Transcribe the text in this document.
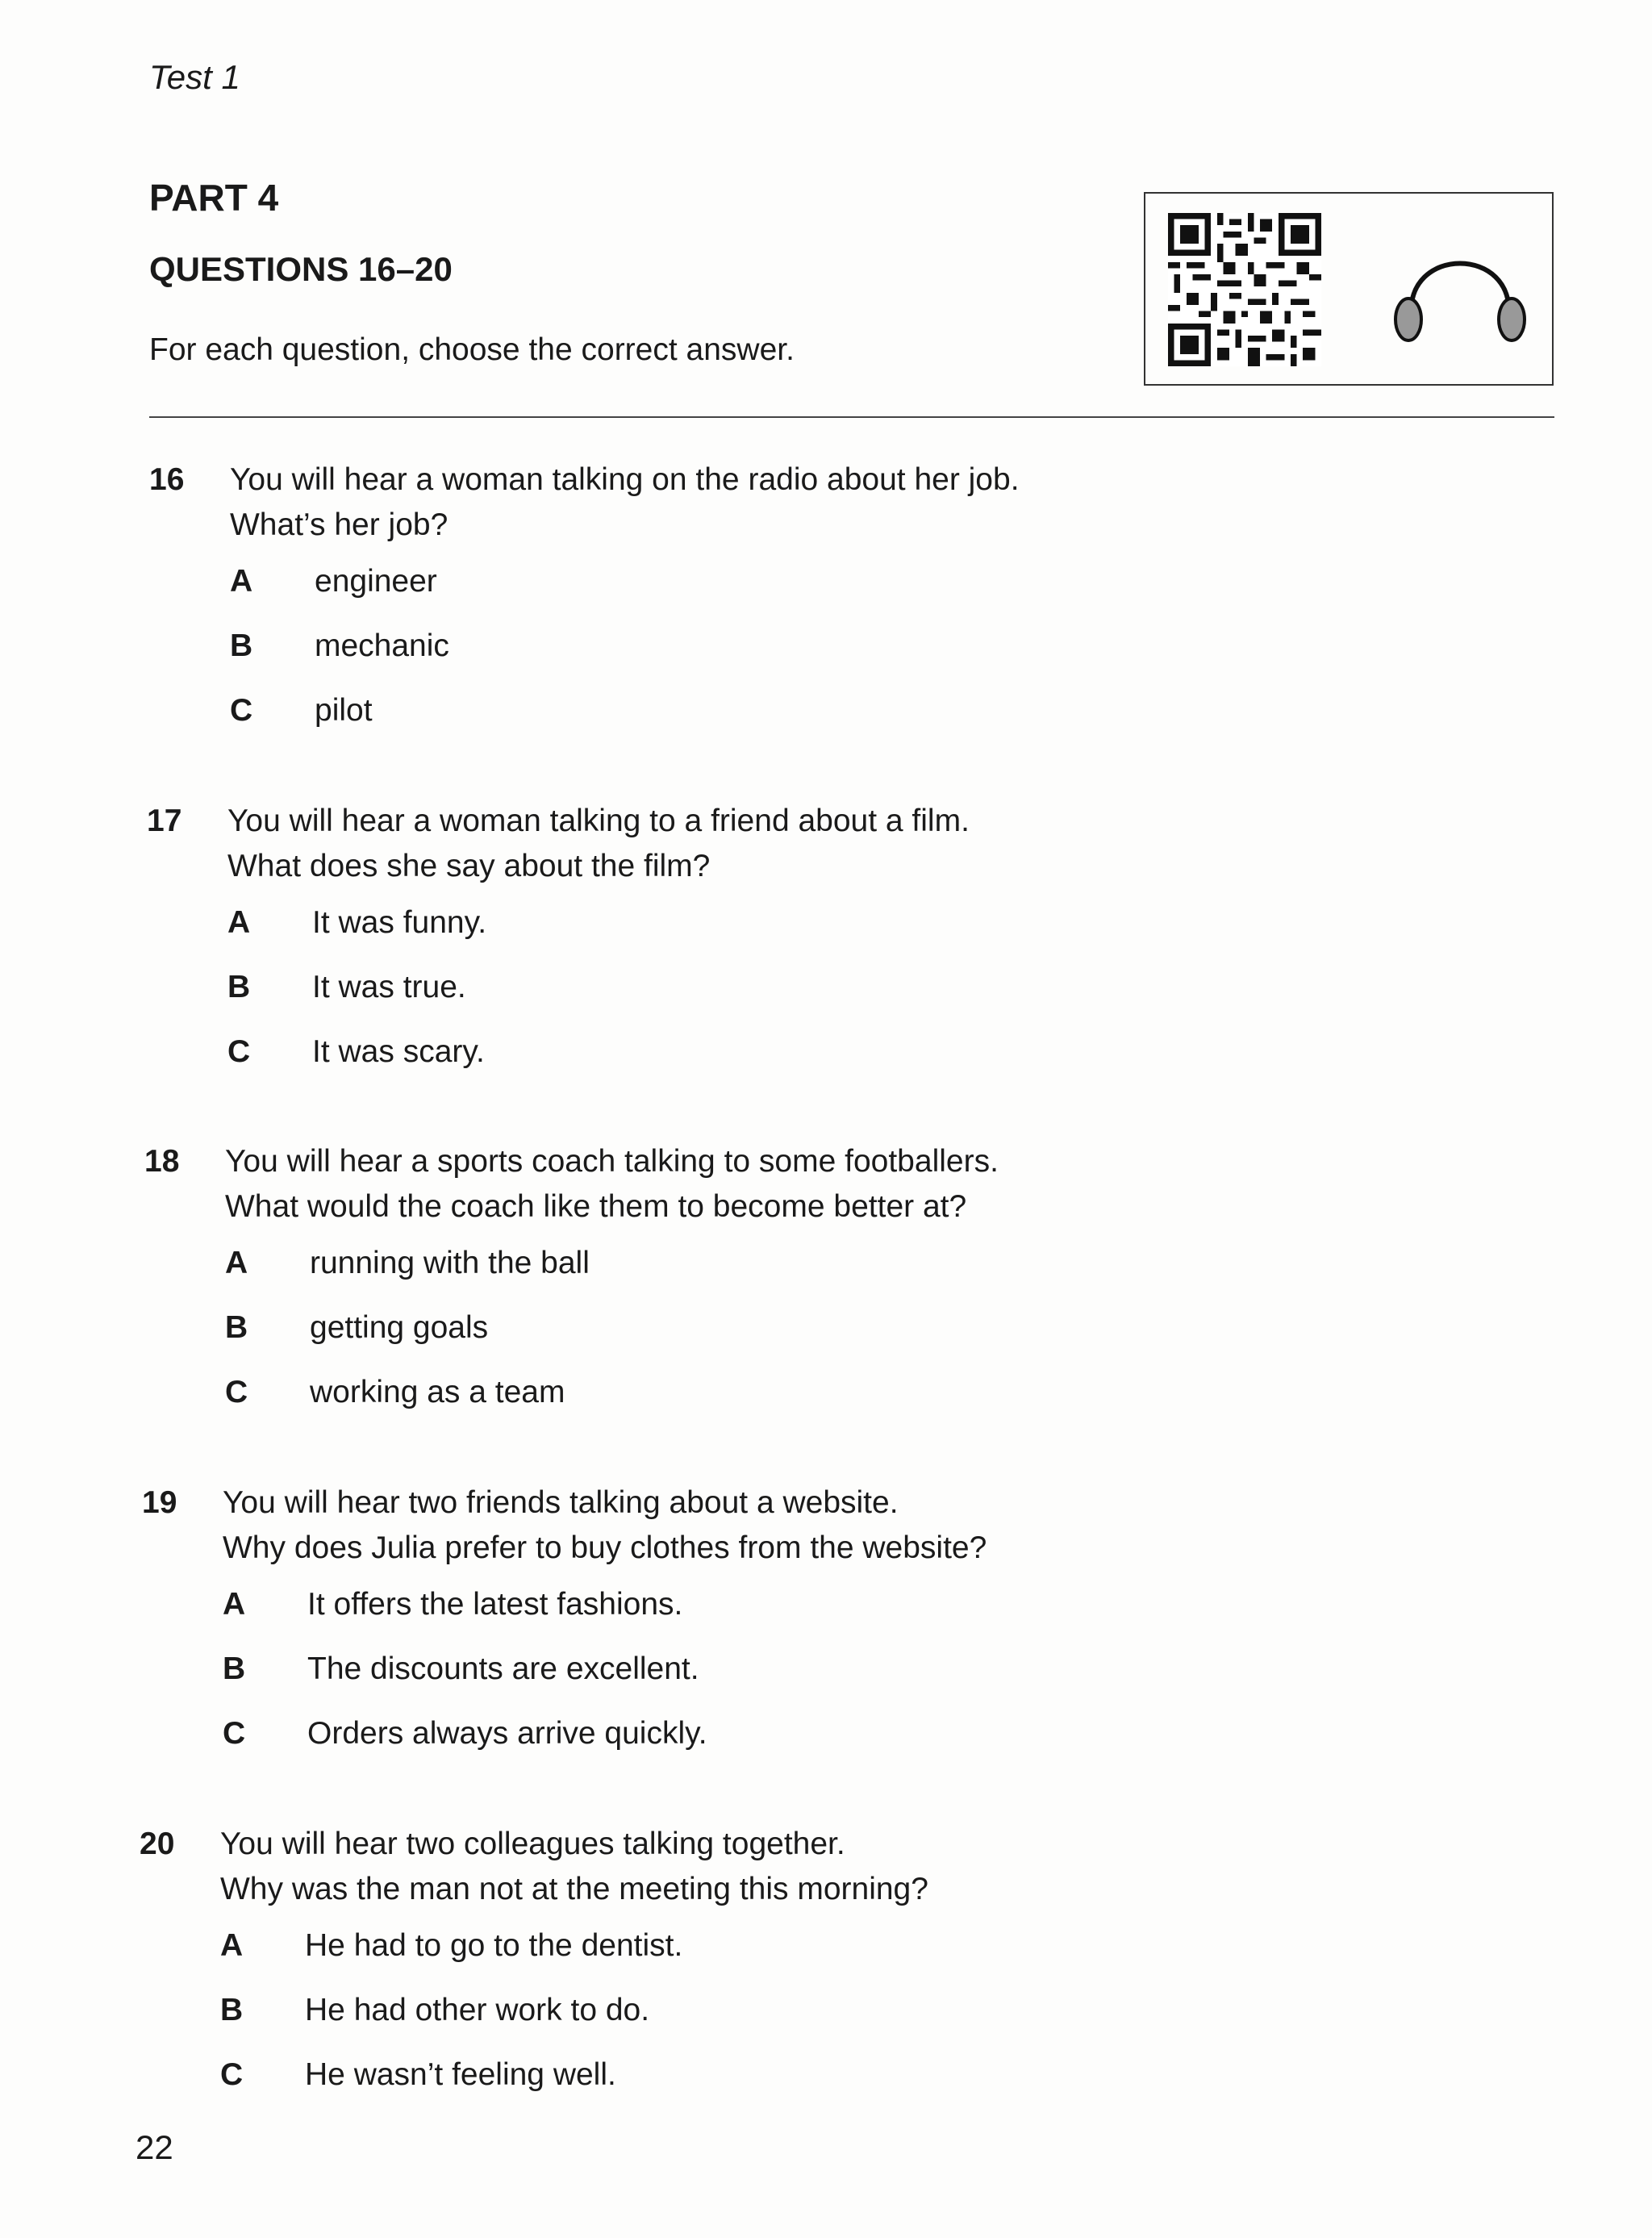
Test 1
PART 4
QUESTIONS 16–20
For each question, choose the correct answer.
16 You will hear a woman talking on the radio about her job.
What’s her job?
A engineer
B mechanic
C pilot
17 You will hear a woman talking to a friend about a film.
What does she say about the film?
A It was funny.
B It was true.
C It was scary.
18 You will hear a sports coach talking to some footballers.
What would the coach like them to become better at?
A running with the ball
B getting goals
C working as a team
19 You will hear two friends talking about a website.
Why does Julia prefer to buy clothes from the website?
A It offers the latest fashions.
B The discounts are excellent.
C Orders always arrive quickly.
20 You will hear two colleagues talking together.
Why was the man not at the meeting this morning?
A He had to go to the dentist.
B He had other work to do.
C He wasn’t feeling well.
22
